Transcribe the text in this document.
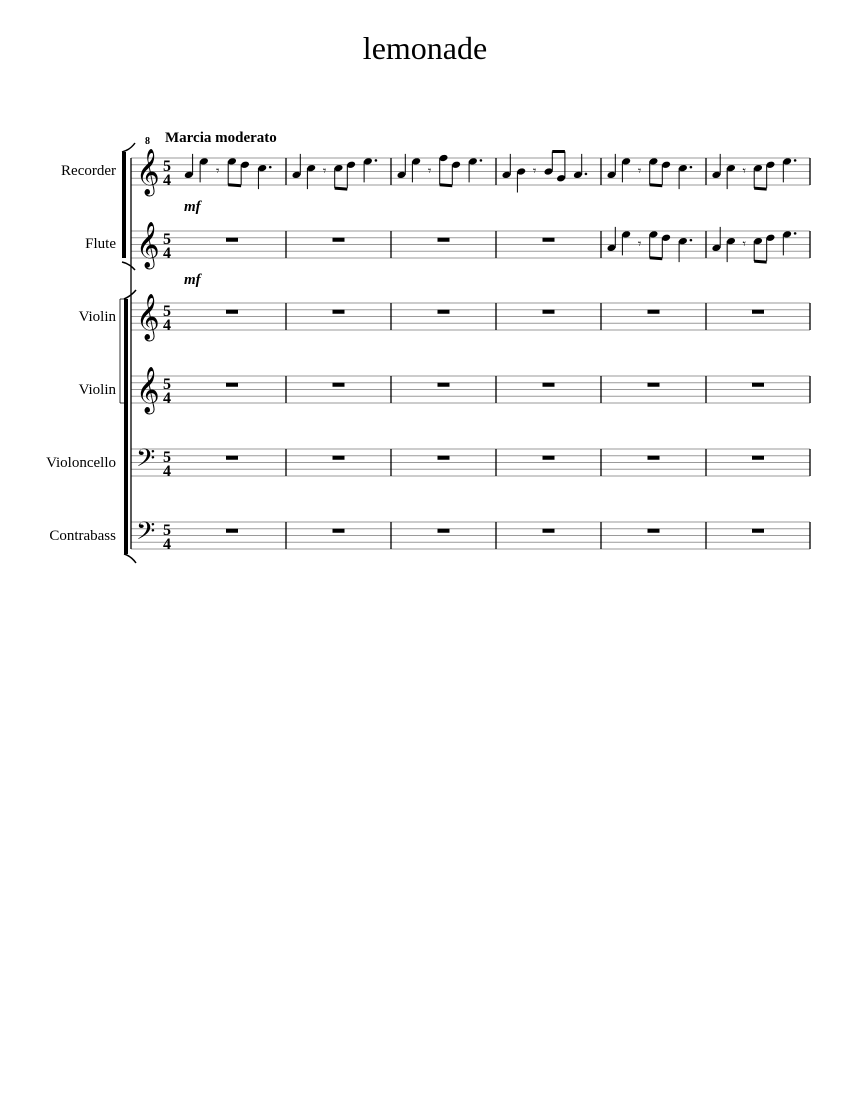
lemonade
Marcia moderato
Recorder
Flute
Violin
Violin
Violoncello
Contrabass
mf
mf
𝄞 5
4
8
𝄞 5
4
𝄞 5
4
𝄞 5
4
𝄢 5
4
𝄢 5
4
𝄾	𝄾	𝄾	𝄾	𝄾	𝄾
𝄾	𝄾
